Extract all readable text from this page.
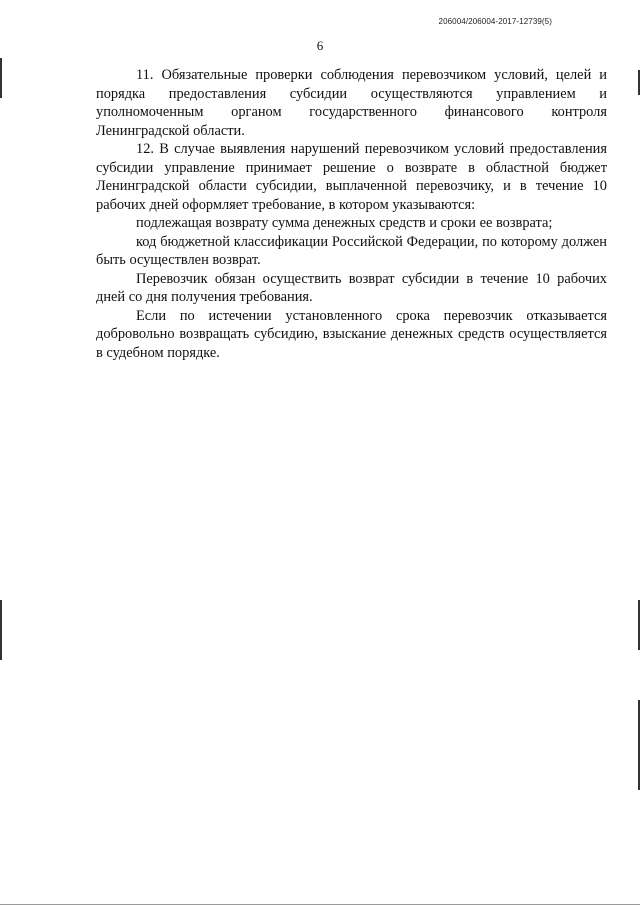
206004/206004-2017-12739(5)
6

11. Обязательные проверки соблюдения перевозчиком условий, целей и порядка предоставления субсидии осуществляются управлением и уполномоченным органом государственного финансового контроля Ленинградской области.

12. В случае выявления нарушений перевозчиком условий предоставления субсидии управление принимает решение о возврате в областной бюджет Ленинградской области субсидии, выплаченной перевозчику, и в течение 10 рабочих дней оформляет требование, в котором указываются:

подлежащая возврату сумма денежных средств и сроки ее возврата;

код бюджетной классификации Российской Федерации, по которому должен быть осуществлен возврат.

Перевозчик обязан осуществить возврат субсидии в течение 10 рабочих дней со дня получения требования.

Если по истечении установленного срока перевозчик отказывается добровольно возвращать субсидию, взыскание денежных средств осуществляется в судебном порядке.
